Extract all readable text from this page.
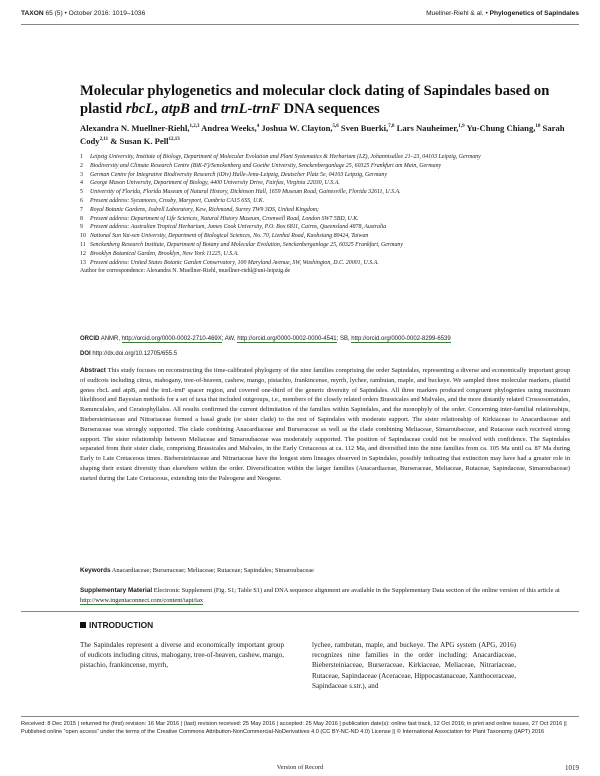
TAXON 65 (5) • October 2016: 1019–1036	Muellner-Riehl & al. • Phylogenetics of Sapindales
Molecular phylogenetics and molecular clock dating of Sapindales based on plastid rbcL, atpB and trnL-trnF DNA sequences
Alexandra N. Muellner-Riehl,$^{1,2,3}$ Andrea Weeks,$^4$ Joshua W. Clayton,$^{5,6}$ Sven Buerki,$^{7,8}$ Lars Nauheimer,$^{1,9}$ Yu-Chung Chiang,$^{10}$ Sarah Cody$^{2,11}$ & Susan K. Pell$^{12,13}$
1 Leipzig University, Institute of Biology, Department of Molecular Evolution and Plant Systematics & Herbarium (LZ), Johannisallee 21–23, 04103 Leipzig, Germany
2 Biodiversity and Climate Research Centre (BiK-F)/Senckenberg and Goethe University, Senckenberganlage 25, 60325 Frankfurt am Main, Germany
3 German Centre for Integrative Biodiversity Research (iDiv) Halle-Jena-Leipzig, Deutscher Platz 5e, 04103 Leipzig, Germany
4 George Mason University, Department of Biology, 4400 University Drive, Fairfax, Virginia 22030, U.S.A.
5 University of Florida, Florida Museum of Natural History, Dickinson Hall, 1659 Museum Road, Gainesville, Florida 32611, U.S.A.
6 Present address: Sycamores, Crosby, Maryport, Cumbria CA15 6SS, U.K.
7 Royal Botanic Gardens, Jodrell Laboratory, Kew, Richmond, Surrey TW9 3DS, United Kingdom;
8 Present address: Department of Life Sciences, Natural History Museum, Cromwell Road, London SW7 5BD, U.K.
9 Present address: Australian Tropical Herbarium, James Cook University, P.O. Box 6811, Cairns, Queensland 4878, Australia
10 National Sun Yat-sen University, Department of Biological Sciences, No. 70, Lienhai Road, Kaohsiung 80424, Taiwan
11 Senckenberg Research Institute, Department of Botany and Molecular Evolution, Senckenberganlage 25, 60325 Frankfurt, Germany
12 Brooklyn Botanical Garden, Brooklyn, New York 11225, U.S.A.
13 Present address: United States Botanic Garden Conservatory, 100 Maryland Avenue, SW, Washington, D.C. 20001, U.S.A.
Author for correspondence: Alexandra N. Muellner-Riehl, muellner-riehl@uni-leipzig.de
ORCID ANMR, http://orcid.org/0000-0002-2710-469X; AW, http://orcid.org/0000-0002-0000-4541; SB, http://orcid.org/0000-0002-8299-6539
DOI http://dx.doi.org/10.12705/655.5
Abstract This study focuses on reconstructing the time-calibrated phylogeny of the nine families comprising the order Sapindales, representing a diverse and economically important group of eudicots including citrus, mahogany, tree-of-heaven, cashew, mango, pistachio, frankincense, myrrh, lychee, rambutan, maple, and buckeye. We sampled three molecular markers, plastid genes rbcL and atpB, and the trnL-trnF spacer region, and covered one-third of the generic diversity of Sapindales. All three markers produced congruent phylogenies using maximum likelihood and Bayesian methods for a set of taxa that included outgroups, i.e., members of the closely related orders Brassicales and Malvales, and the more distantly related Crossosomatales, Ranunculales, and Ceratophyllales. All results confirmed the current delimitation of the families within Sapindales, and the monophyly of the order. Concerning inter-familial relationships, Biebersteiniaceae and Nitrariaceae formed a basal grade (or sister clade) to the rest of Sapindales with moderate support. The sister relationship of Kirkiaceae to Anacardiaceae and Burseraceae was strongly supported. The clade combining Anacardiaceae and Burseraceae as well as the clade combining Meliaceae, Simaroubaceae, and Rutaceae each received strong support. The sister relationship between Meliaceae and Simaroubaceae was moderately supported. The position of Sapindaceae could not be resolved with confidence. The Sapindales separated from their sister clade, comprising Brassicales and Malvales, in the Early Cretaceous at ca. 112 Ma, and diversified into the nine families from ca. 105 Ma until ca. 87 Ma during Early to Late Cretaceous times. Biebersteiniaceae and Nitrariaceae have the longest stem lineages observed in Sapindales, possibly indicating that extinction may have had a greater role in shaping their extant diversity than elsewhere within the order. Diversification within the larger families (Anacardiaceae, Burseraceae, Meliaceae, Rutaceae, Sapindaceae, Simaroubaceae) started during the Late Cretaceous, extending into the Paleogene and Neogene.
Keywords Anacardiaceae; Burseraceae; Meliaceae; Rutaceae; Sapindales; Simaroubaceae
Supplementary Material Electronic Supplement (Fig. S1; Table S1) and DNA sequence alignment are available in the Supplementary Data section of the online version of this article at http://www.ingentaconnect.com/content/iapt/tax
INTRODUCTION
The Sapindales represent a diverse and economically important group of eudicots including citrus, mahogany, tree-of-heaven, cashew, mango, pistachio, frankincense, myrrh,
lychee, rambutan, maple, and buckeye. The APG system (APG, 2016) recognizes nine families in the order including: Anacardiaceae, Biebersteiniaceae, Burseraceae, Kirkiaceae, Meliaceae, Nitrariaceae, Rutaceae, Sapindaceae (Aceraceae, Hippocastanaceae, Xanthoceraceae, Sapindaceae s.str.), and
Received: 8 Dec 2015 | returned for (first) revision: 16 Mar 2016 | (last) revision received: 25 May 2016 | accepted: 25 May 2016 | publication date(s): online fast track, 12 Oct 2016; in print and online issues, 27 Oct 2016 || Published online “open access” under the terms of the Creative Commons Attribution-NonCommercial-NoDerivatives 4.0 (CC BY-NC-ND 4.0) License || © International Association for Plant Taxonomy (IAPT) 2016
Version of Record	1019
